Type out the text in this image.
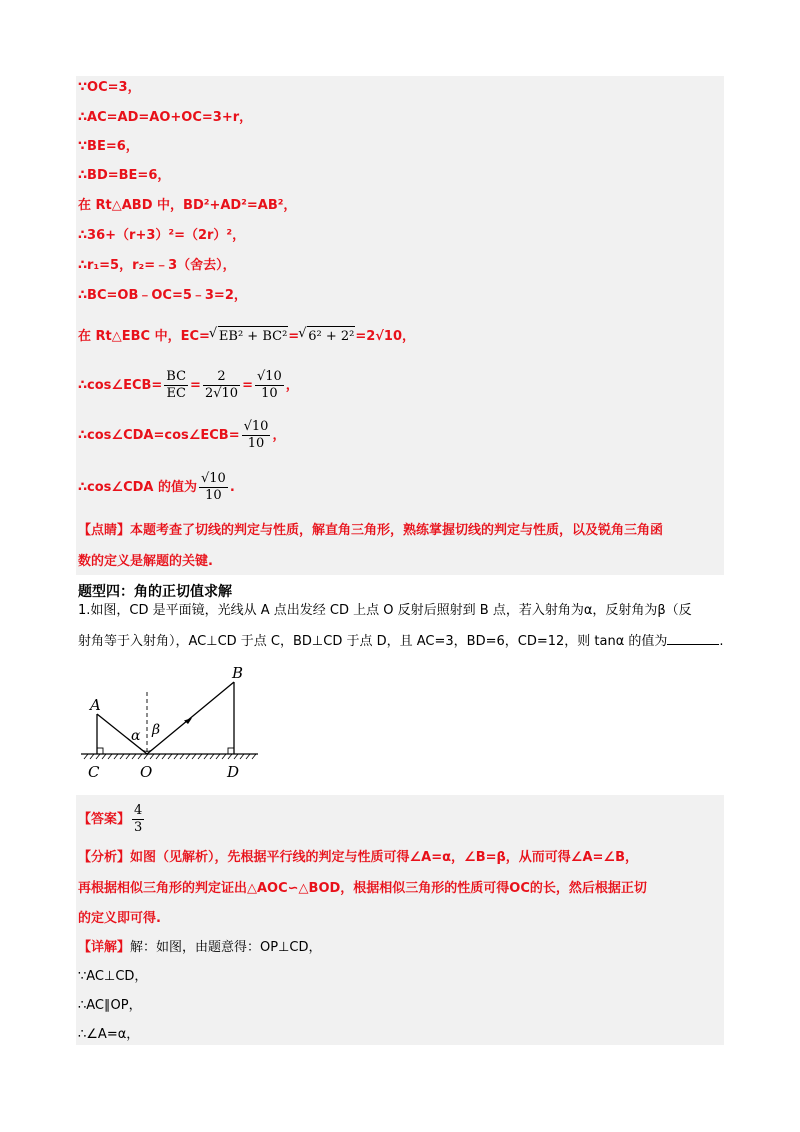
∵OC=3，
∴AC=AD=AO+OC=3+r，
∵BE=6，
∴BD=BE=6，
在 Rt△ABD 中，BD²+AD²=AB²，
∴36+（r+3）²=（2r）²，
∴r₁=5，r₂=﹣3（舍去），
∴BC=OB﹣OC=5﹣3=2，
在 Rt△EBC 中，EC= √ EB² + BC²= √ 6² + 2²=2√10，
∴cos∠ECB= $\frac{BC}{EC} = \frac{2}{2√10} = \frac{√10}{10}$ ，
∴cos∠CDA=cos∠ECB= $\frac{√10}{10}$ ，
∴cos∠CDA 的值为 $\frac{√10}{10}$ .
【点睛】本题考查了切线的判定与性质，解直角三角形，熟练掌握切线的判定与性质，以及锐角三角函
数的定义是解题的关键.
题型四：角的正切值求解
1.如图，CD 是平面镜，光线从 A 点出发经 CD 上点 O 反射后照射到 B 点，若入射角为α，反射角为β（反
射角等于入射角），AC⊥CD 于点 C，BD⊥CD 于点 D，且 AC=3，BD=6，CD=12，则 tanα 的值为	.
A
B
C	O	D
α β
【答案】 $\frac{4}{3}$
【分析】如图（见解析），先根据平行线的判定与性质可得∠A=α，∠B=β，从而可得∠A=∠B，
再根据相似三角形的判定证出△AOC∽△BOD，根据相似三角形的性质可得OC的长，然后根据正切
的定义即可得.
【详解】解：如图，由题意得：OP⊥CD，
∵AC⊥CD，
∴AC∥OP，
∴∠A=α，
